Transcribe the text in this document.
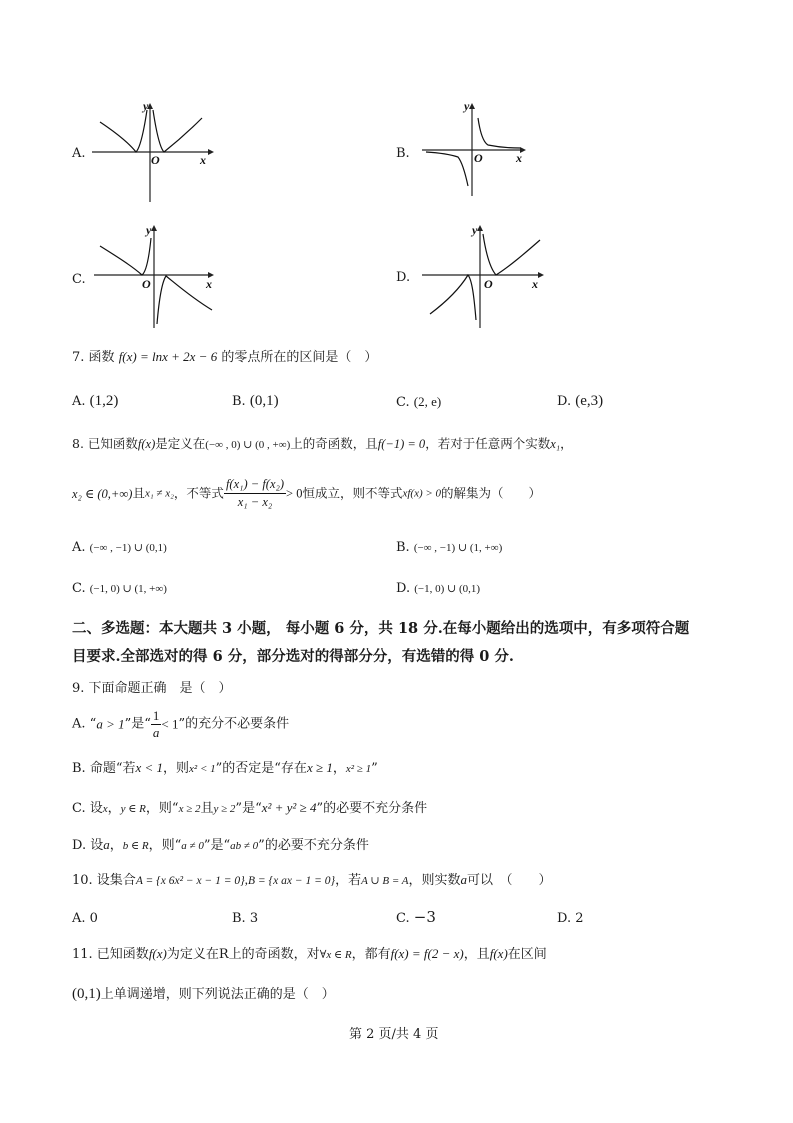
A.
y
O	x	B.
y
O	x
C.
y
O	x	D.
y
O	x
7. 函数 f(x) = lnx + 2x − 6 的零点所在的区间是（　）
A. (1,2)	B. (0,1)	C. (2, e)	D. (e,3)
8. 已知函数f(x)是定义在(−∞ , 0) ∪ (0 , +∞)上的奇函数，且f(−1) = 0，若对于任意两个实数x₁，
x₂ ∈ (0,+∞)且x₁ ≠ x₂，不等式 $\frac{\text{f(x₁) − f(x₂)}}{\text{x₁ − x₂}} > 0$恒成立，则不等式xf(x) > 0的解集为（　　）
A. (−∞ , −1) ∪ (0,1)	B. (−∞ , −1) ∪ (1, +∞)
C. (−1, 0) ∪ (1, +∞)	D. (−1, 0) ∪ (0,1)
二、多选题：本大题共 3 小题， 每小题 6 分，共 18 分.在每小题给出的选项中，有多项符合题
目要求.全部选对的得 6 分，部分选对的得部分分，有选错的得 0 分.
9. 下面命题正确　是（　）
A. “a > 1”是“ $\frac{1}{a} < 1$”的充分不必要条件
B. 命题“若x < 1，则x² < 1”的否定是“存在x ≥ 1，x² ≥ 1”
C. 设x，y ∈ R，则“x ≥ 2且y ≥ 2”是“x² + y² ≥ 4”的必要不充分条件
D. 设a，b ∈ R，则“a ≠ 0”是“ab ≠ 0”的必要不充分条件
10. 设集合A = {x 6x² − x − 1 = 0},B = {x ax − 1 = 0}，若A ∪ B = A，则实数a可以　（　　）
A. 0	B. 3	C. −3	D. 2
11. 已知函数f(x)为定义在R上的奇函数，对∀x ∈ R，都有f(x) = f(2 − x)，且f(x)在区间
(0,1)上单调递增，则下列说法正确的是（　）
第 2 页/共 4 页
